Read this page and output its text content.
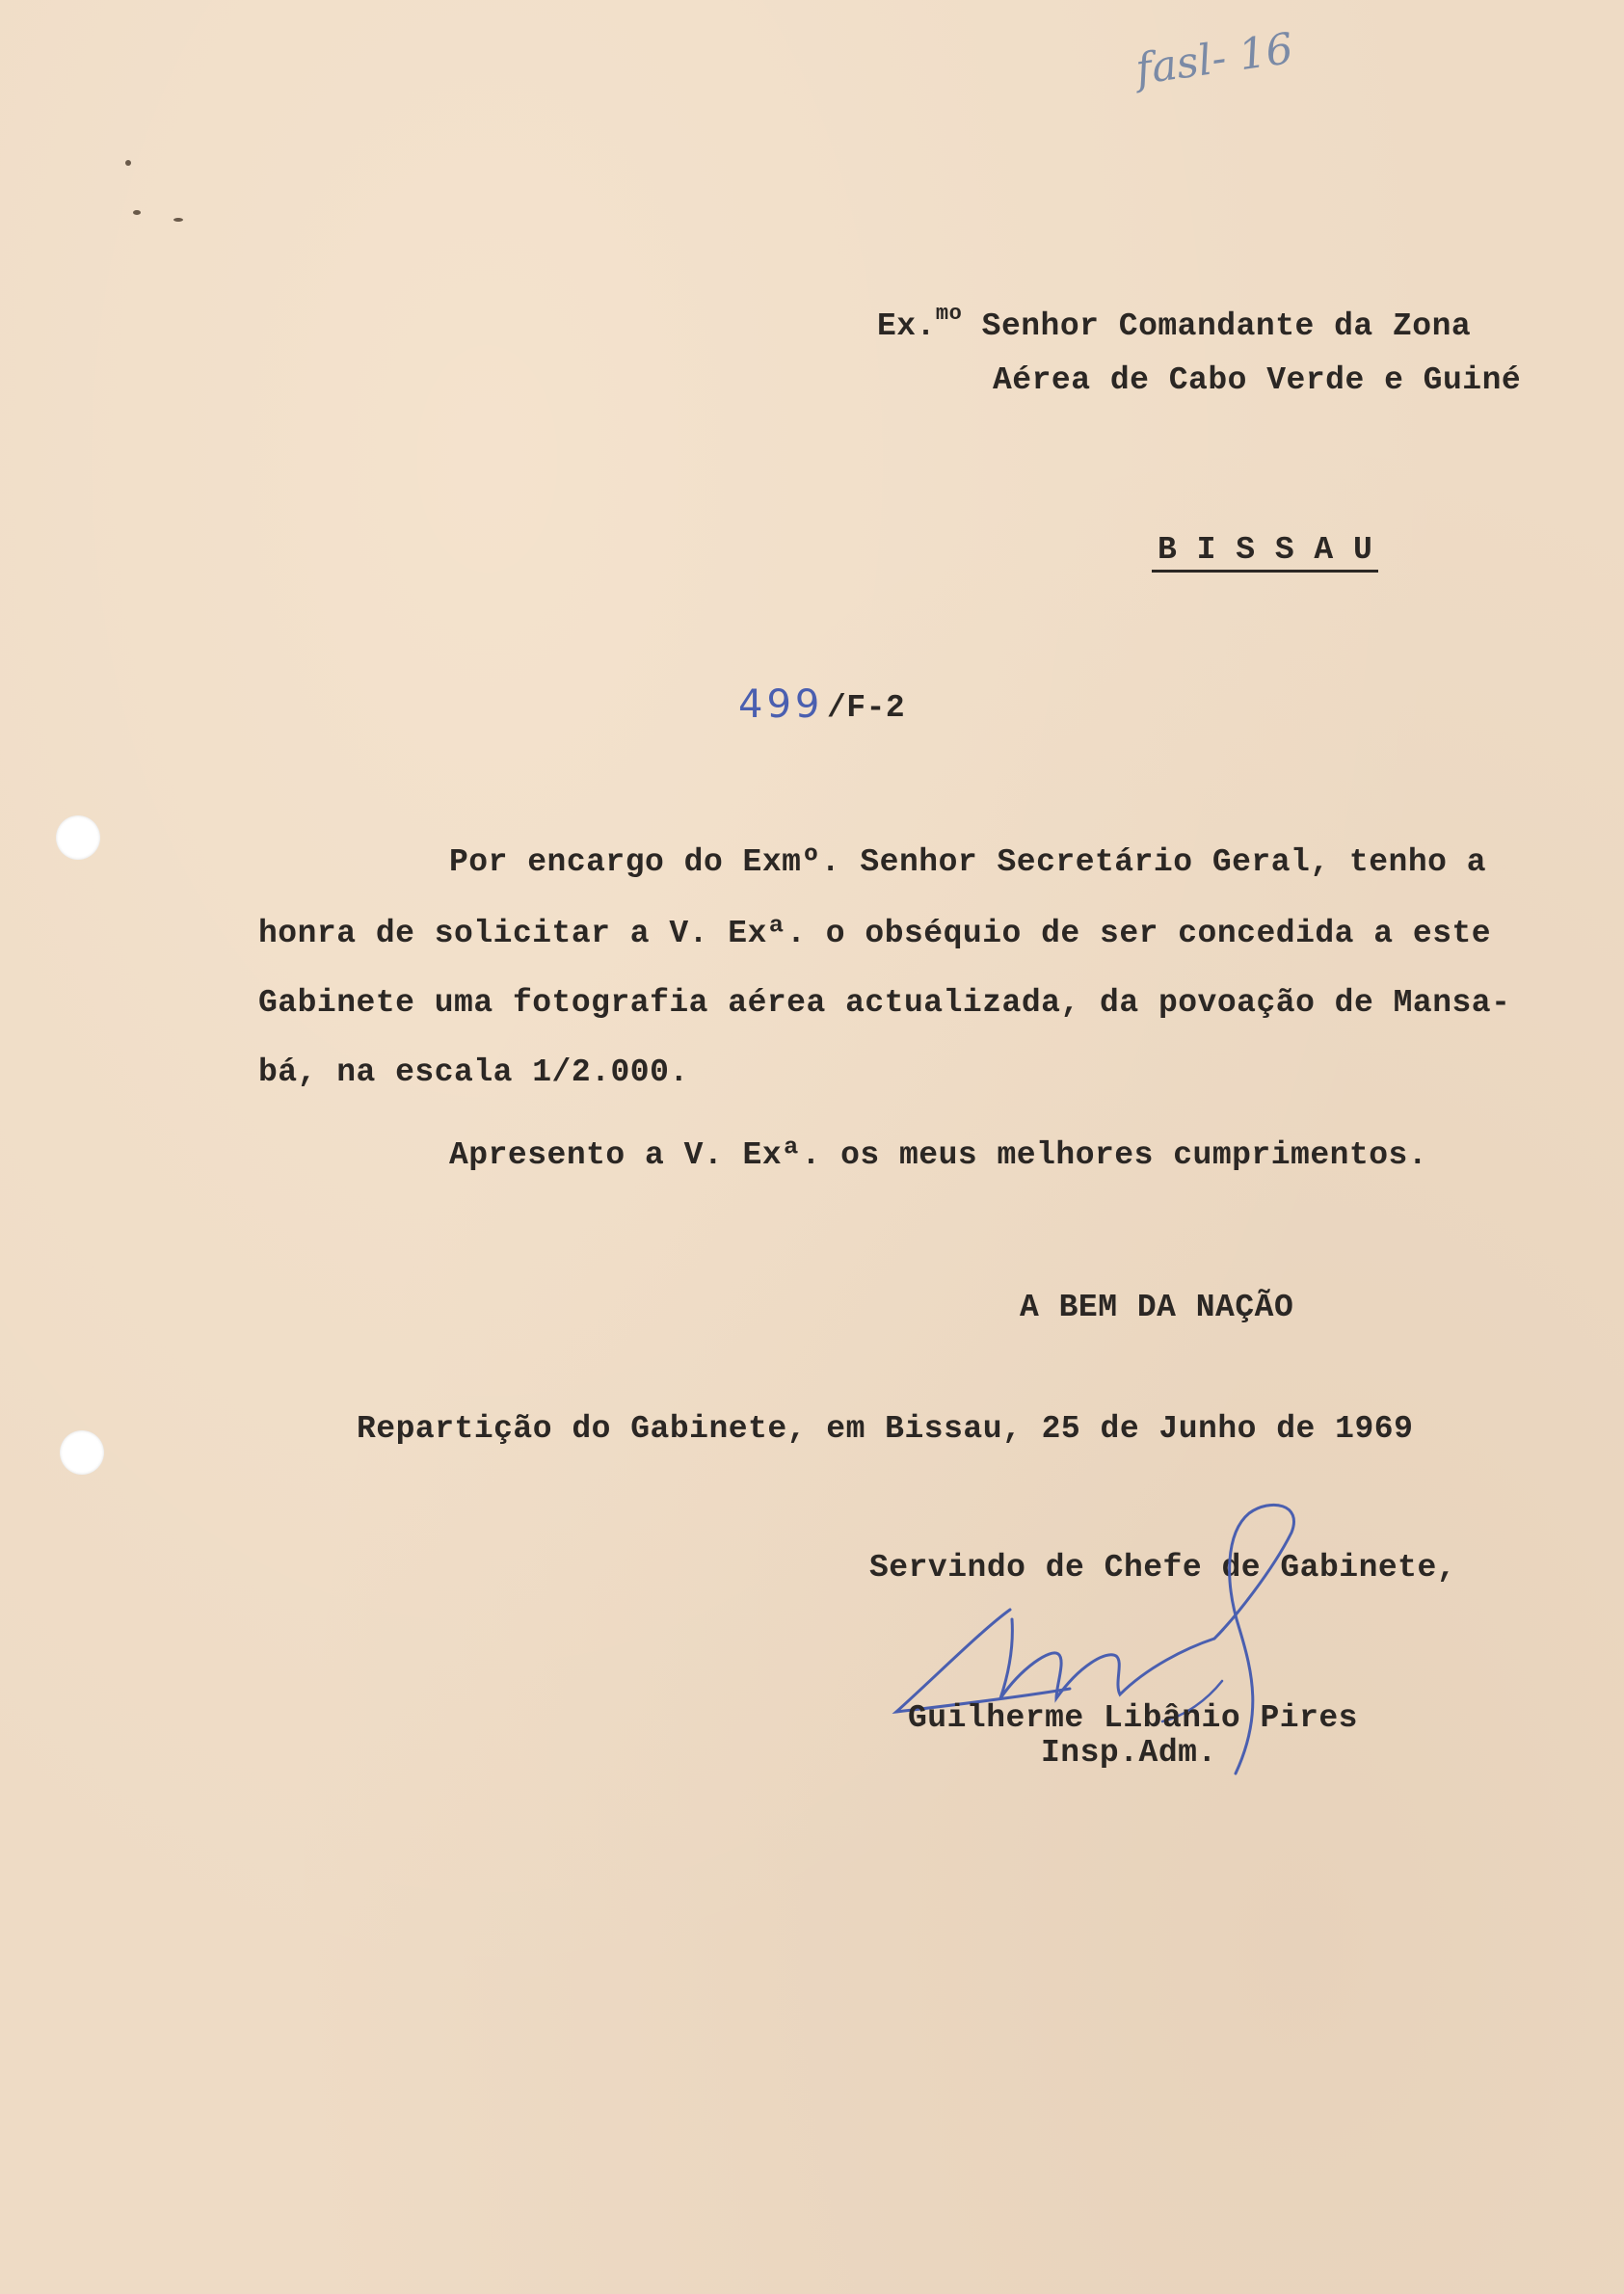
fasl- 16
Ex.$^{mo}$ Senhor Comandante da Zona
Aérea de Cabo Verde e Guiné
B I S S A U
499 /F-2
Por encargo do Exmº. Senhor Secretário Geral, tenho a
honra de solicitar a V. Exª. o obséquio de ser concedida a este
Gabinete uma fotografia aérea actualizada, da povoação de Mansa-
bá, na escala 1/2.000.
Apresento a V. Exª. os meus melhores cumprimentos.
A BEM DA NAÇÃO
Repartição do Gabinete, em Bissau, 25 de Junho de 1969
Servindo de Chefe de Gabinete,
Guilherme Libânio Pires
Insp.Adm.
